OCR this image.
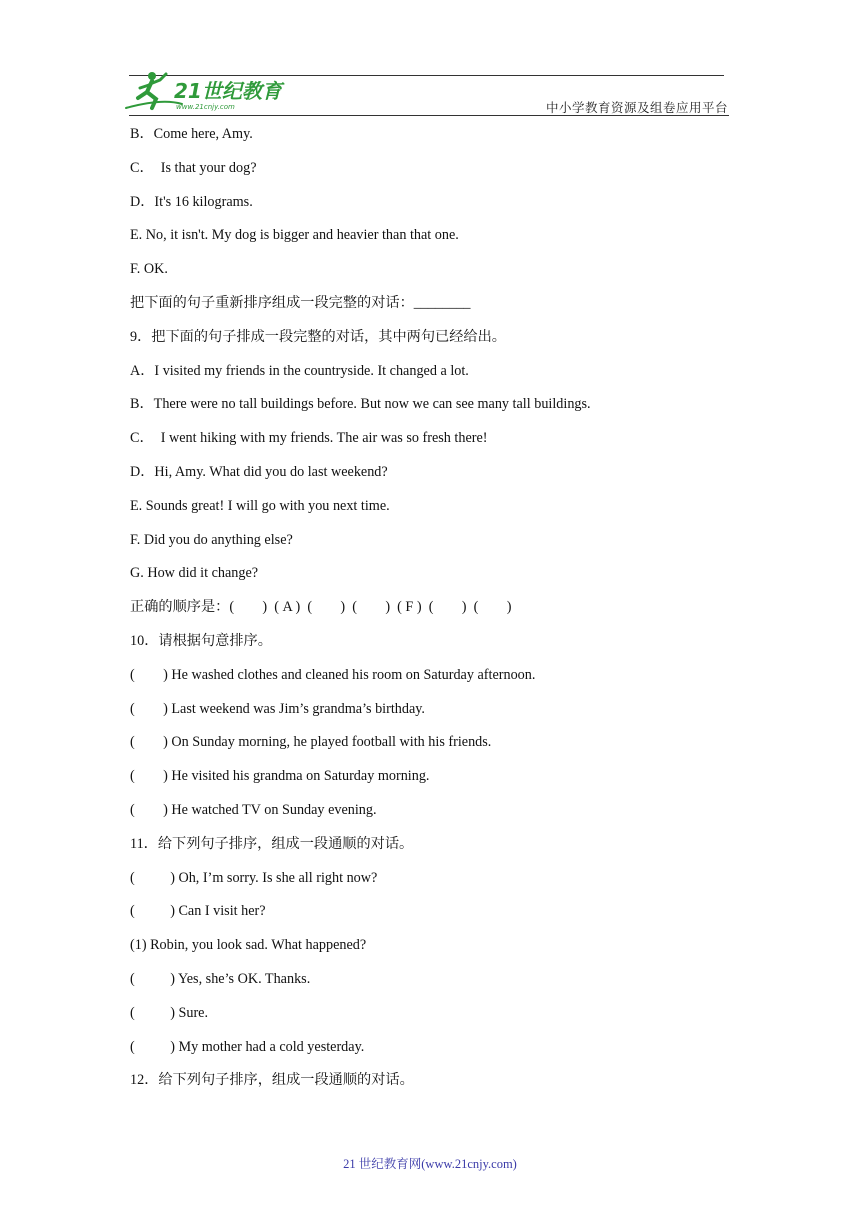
21世纪教育
www.21cnjy.com	中小学教育资源及组卷应用平台
B．Come here, Amy.
C．  Is that your dog?
D．It's 16 kilograms.
E. No, it isn't. My dog is bigger and heavier than that one.
F. OK.
把下面的句子重新排序组成一段完整的对话：________
9．把下面的句子排成一段完整的对话，其中两句已经给出。
A．I visited my friends in the countryside. It changed a lot.
B．There were no tall buildings before. But now we can see many tall buildings.
C．  I went hiking with my friends. The air was so fresh there!
D．Hi, Amy. What did you do last weekend?
E. Sounds great! I will go with you next time.
F. Did you do anything else?
G. How did it change?
正确的顺序是：(        )  ( A )  (        )  (        )  ( F )  (        )  (        )
10．请根据句意排序。
(        ) He washed clothes and cleaned his room on Saturday afternoon.
(        ) Last weekend was Jim’s grandma’s birthday.
(        ) On Sunday morning, he played football with his friends.
(        ) He visited his grandma on Saturday morning.
(        ) He watched TV on Sunday evening.
11．给下列句子排序，组成一段通顺的对话。
(          ) Oh, I’m sorry. Is she all right now?
(          ) Can I visit her?
(1) Robin, you look sad. What happened?
(          ) Yes, she’s OK. Thanks.
(          ) Sure.
(          ) My mother had a cold yesterday.
12．给下列句子排序，组成一段通顺的对话。
21 世纪教育网(www.21cnjy.com)
